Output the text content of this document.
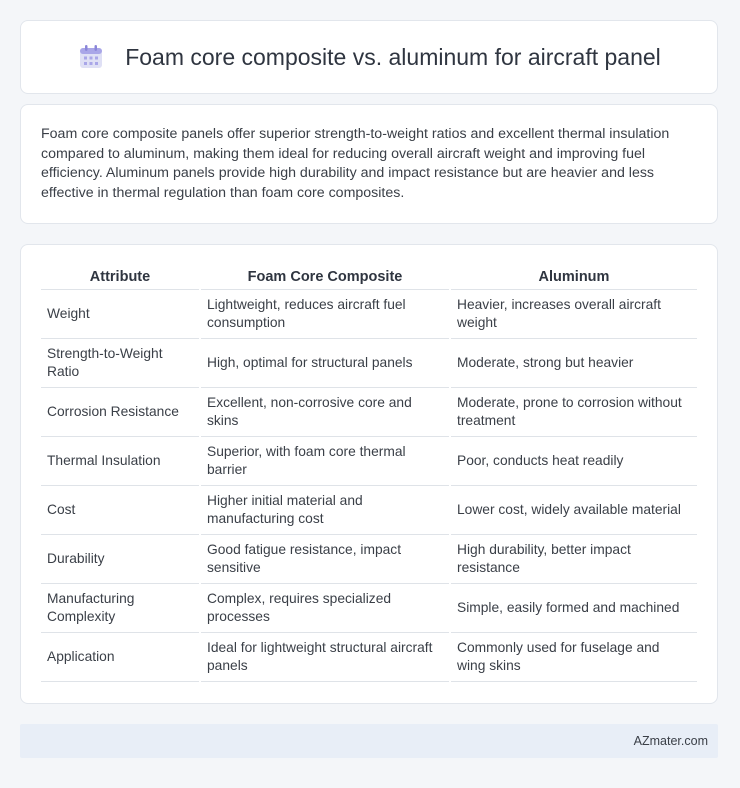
Foam core composite vs. aluminum for aircraft panel

Foam core composite panels offer superior strength-to-weight ratios and excellent thermal insulation compared to aluminum, making them ideal for reducing overall aircraft weight and improving fuel efficiency. Aluminum panels provide high durability and impact resistance but are heavier and less effective in thermal regulation than foam core composites.

Attribute	Foam Core Composite	Aluminum
Weight	Lightweight, reduces aircraft fuel consumption	Heavier, increases overall aircraft weight
Strength-to-Weight Ratio	High, optimal for structural panels	Moderate, strong but heavier
Corrosion Resistance	Excellent, non-corrosive core and skins	Moderate, prone to corrosion without treatment
Thermal Insulation	Superior, with foam core thermal barrier	Poor, conducts heat readily
Cost	Higher initial material and manufacturing cost	Lower cost, widely available material
Durability	Good fatigue resistance, impact sensitive	High durability, better impact resistance
Manufacturing Complexity	Complex, requires specialized processes	Simple, easily formed and machined
Application	Ideal for lightweight structural aircraft panels	Commonly used for fuselage and wing skins
AZmater.com
